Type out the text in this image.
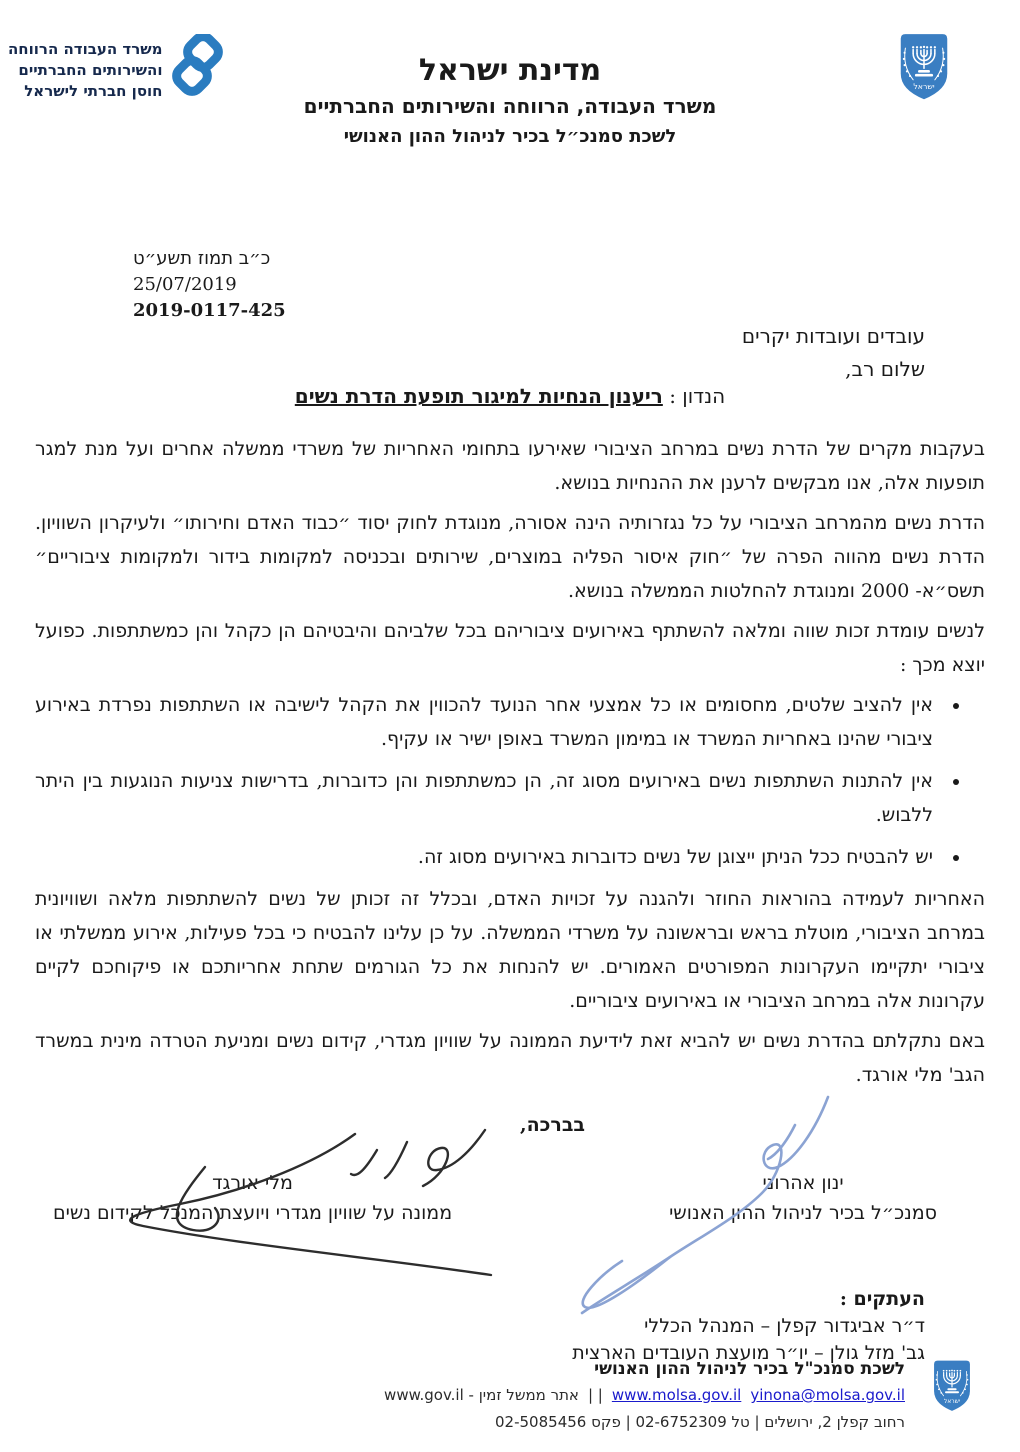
משרד העבודה הרווחה
והשירותים החברתיים
חוסן חברתי לישראל
מדינת ישראל
משרד העבודה, הרווחה והשירותים החברתיים
לשכת סמנכ״ל בכיר לניהול ההון האנושי
כ״ב תמוז תשע״ט
25/07/2019
2019-0117-425
עובדים ועובדות יקרים
שלום רב,
הנדון : ריענון הנחיות למיגור תופעת הדרת נשים

בעקבות מקרים של הדרת נשים במרחב הציבורי שאירעו בתחומי האחריות של משרדי ממשלה אחרים ועל מנת למגר תופעות אלה, אנו מבקשים לרענן את ההנחיות בנושא.

הדרת נשים מהמרחב הציבורי על כל נגזרותיה הינה אסורה, מנוגדת לחוק יסוד ״כבוד האדם וחירותו״ ולעיקרון השוויון. הדרת נשים מהווה הפרה של ״חוק איסור הפליה במוצרים, שירותים ובכניסה למקומות בידור ולמקומות ציבוריים״ תשס״א- 2000 ומנוגדת להחלטות הממשלה בנושא.

לנשים עומדת זכות שווה ומלאה להשתתף באירועים ציבוריהם בכל שלביהם והיבטיהם הן כקהל והן כמשתתפות. כפועל יוצא מכך :

• אין להציב שלטים, מחסומים או כל אמצעי אחר הנועד להכווין את הקהל לישיבה או השתתפות נפרדת באירוע ציבורי שהינו באחריות המשרד או במימון המשרד באופן ישיר או עקיף.
• אין להתנות השתתפות נשים באירועים מסוג זה, הן כמשתתפות והן כדוברות, בדרישות צניעות הנוגעות בין היתר ללבוש.
• יש להבטיח ככל הניתן ייצוגן של נשים כדוברות באירועים מסוג זה.

האחריות לעמידה בהוראות החוזר ולהגנה על זכויות האדם, ובכלל זה זכותן של נשים להשתתפות מלאה ושוויונית במרחב הציבורי, מוטלת בראש ובראשונה על משרדי הממשלה. על כן עלינו להבטיח כי בכל פעילות, אירוע ממשלתי או ציבורי יתקיימו העקרונות המפורטים האמורים. יש להנחות את כל הגורמים שתחת אחריותכם או פיקוחכם לקיים עקרונות אלה במרחב הציבורי או באירועים ציבוריים.

באם נתקלתם בהדרת נשים יש להביא זאת לידיעת הממונה על שוויון מגדרי, קידום נשים ומניעת הטרדה מינית במשרד הגב' מלי אורגד.

בברכה,
ינון אהרוני
סמנכ״ל בכיר לניהול ההון האנושי
מלי אורגד
ממונה על שוויון מגדרי ויועצת המנכל לקידום נשים
העתקים :
ד״ר אביגדור קפלן – המנהל הכללי
גב' מזל גולן – יו״ר מועצת העובדים הארצית
לשכת סמנכ"ל בכיר לניהול ההון האנושי
אתר ממשל זמין - www.gov.il | | www.molsa.gov.il yinona@molsa.gov.il
רחוב קפלן 2, ירושלים | טל 02-6752309 | פקס 02-5085456
